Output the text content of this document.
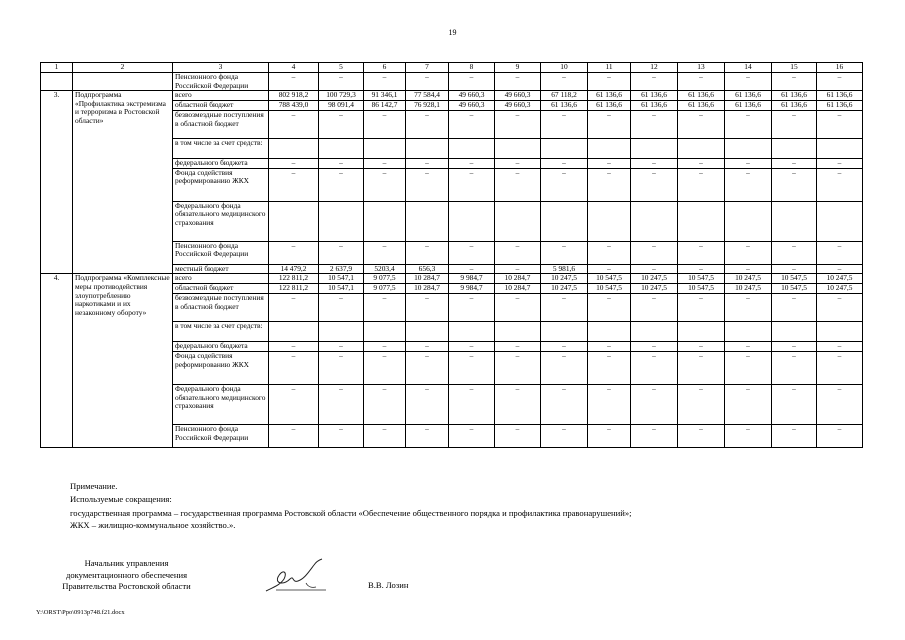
19
1	2	3	4	5	6	7	8	9	10	11	12	13	14	15	16
		Пенсионного фонда Российской Федерации	–	–	–	–	–	–	–	–	–	–	–	–	–
3.	Подпрограмма «Профилактика экстремизма и терроризма в Ростовской области»	всего	802 918,2	100 729,3	91 346,1	77 584,4	49 660,3	49 660,3	67 118,2	61 136,6	61 136,6	61 136,6	61 136,6	61 136,6	61 136,6
		областной бюджет	788 439,0	98 091,4	86 142,7	76 928,1	49 660,3	49 660,3	61 136,6	61 136,6	61 136,6	61 136,6	61 136,6	61 136,6	61 136,6
		безвозмездные поступления в областной бюджет	–	–	–	–	–	–	–	–	–	–	–	–	–
		в том числе за счет средств:													
		федерального бюджета	–	–	–	–	–	–	–	–	–	–	–	–	–
		Фонда содействия реформированию ЖКХ	–	–	–	–	–	–	–	–	–	–	–	–	–
		Федерального фонда обязательного медицинского страхования													
		Пенсионного фонда Российской Федерации	–	–	–	–	–	–	–	–	–	–	–	–	–
		местный бюджет	14 479,2	2 637,9	5203,4	656,3	–	–	5 981,6	–	–	–	–	–	–
4.	Подпрограмма «Комплексные меры противодействия злоупотреблению наркотиками и их незаконному обороту»	всего	122 811,2	10 547,1	9 077,5	10 284,7	9 984,7	10 284,7	10 247,5	10 547,5	10 247,5	10 547,5	10 247,5	10 547,5	10 247,5
		областной бюджет	122 811,2	10 547,1	9 077,5	10 284,7	9 984,7	10 284,7	10 247,5	10 547,5	10 247,5	10 547,5	10 247,5	10 547,5	10 247,5
		безвозмездные поступления в областной бюджет	–	–	–	–	–	–	–	–	–	–	–	–	–
		в том числе за счет средств:													
		федерального бюджета	–	–	–	–	–	–	–	–	–	–	–	–	–
		Фонда содействия реформированию ЖКХ	–	–	–	–	–	–	–	–	–	–	–	–	–
		Федерального фонда обязательного медицинского страхования	–	–	–	–	–	–	–	–	–	–	–	–	–
		Пенсионного фонда Российской Федерации	–	–	–	–	–	–	–	–	–	–	–	–	–
Примечание.
Используемые сокращения:
государственная программа – государственная программа Ростовской области «Обеспечение общественного порядка и профилактика правонарушений»;
ЖКХ – жилищно-коммунальное хозяйство.».
Начальник управления
документационного обеспечения
Правительства Ростовской области	В.В. Лозин
Y:\ORST\Ppo\0913p748.f21.docx
